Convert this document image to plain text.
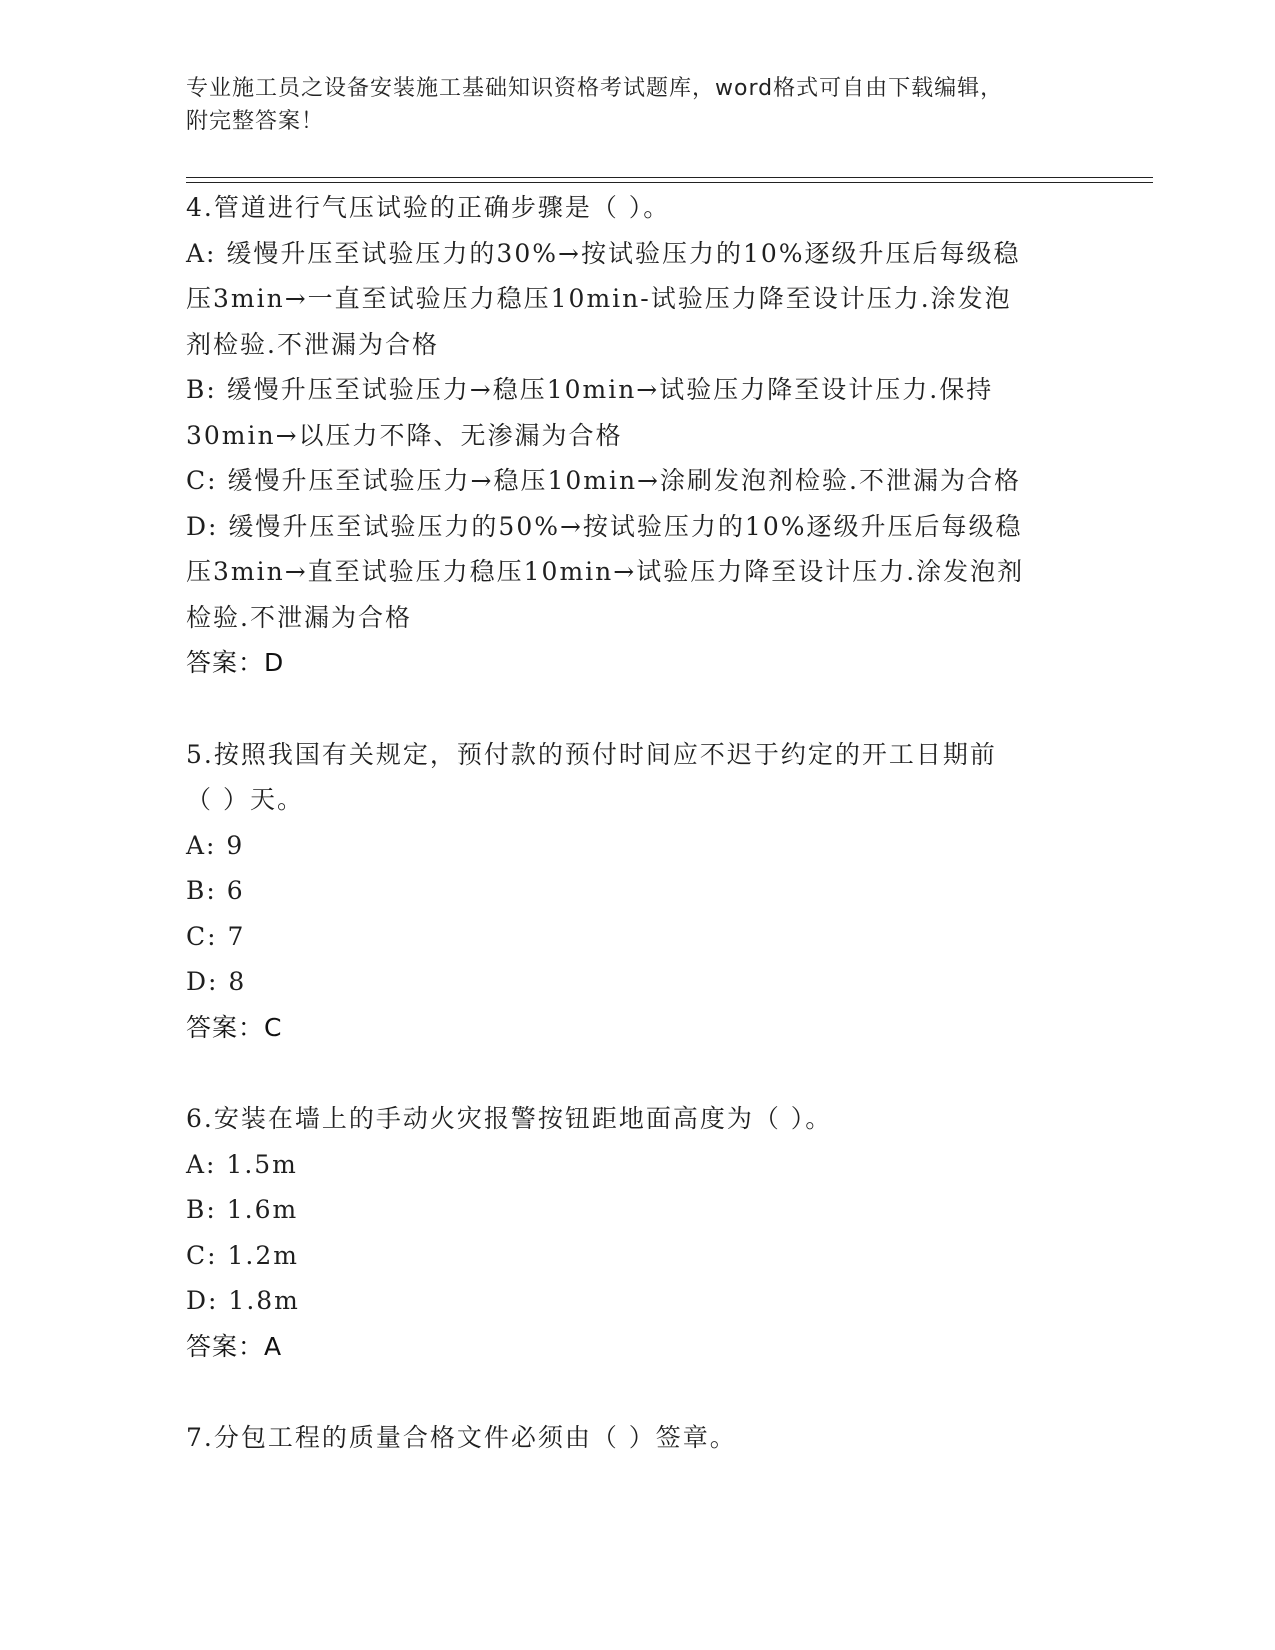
专业施工员之设备安装施工基础知识资格考试题库，word格式可自由下载编辑，
附完整答案！
4.管道进行气压试验的正确步骤是（ ）。
A: 缓慢升压至试验压力的30%→按试验压力的10%逐级升压后每级稳
压3min→一直至试验压力稳压10min-试验压力降至设计压力.涂发泡
剂检验.不泄漏为合格
B: 缓慢升压至试验压力→稳压10min→试验压力降至设计压力.保持
30min→以压力不降、无渗漏为合格
C: 缓慢升压至试验压力→稳压10min→涂刷发泡剂检验.不泄漏为合格
D: 缓慢升压至试验压力的50%→按试验压力的10%逐级升压后每级稳
压3min→直至试验压力稳压10min→试验压力降至设计压力.涂发泡剂
检验.不泄漏为合格
答案：D
5.按照我国有关规定，预付款的预付时间应不迟于约定的开工日期前
（ ）天。
A: 9
B: 6
C: 7
D: 8
答案：C
6.安装在墙上的手动火灾报警按钮距地面高度为（ ）。
A: 1.5m
B: 1.6m
C: 1.2m
D: 1.8m
答案：A
7.分包工程的质量合格文件必须由（ ）签章。
